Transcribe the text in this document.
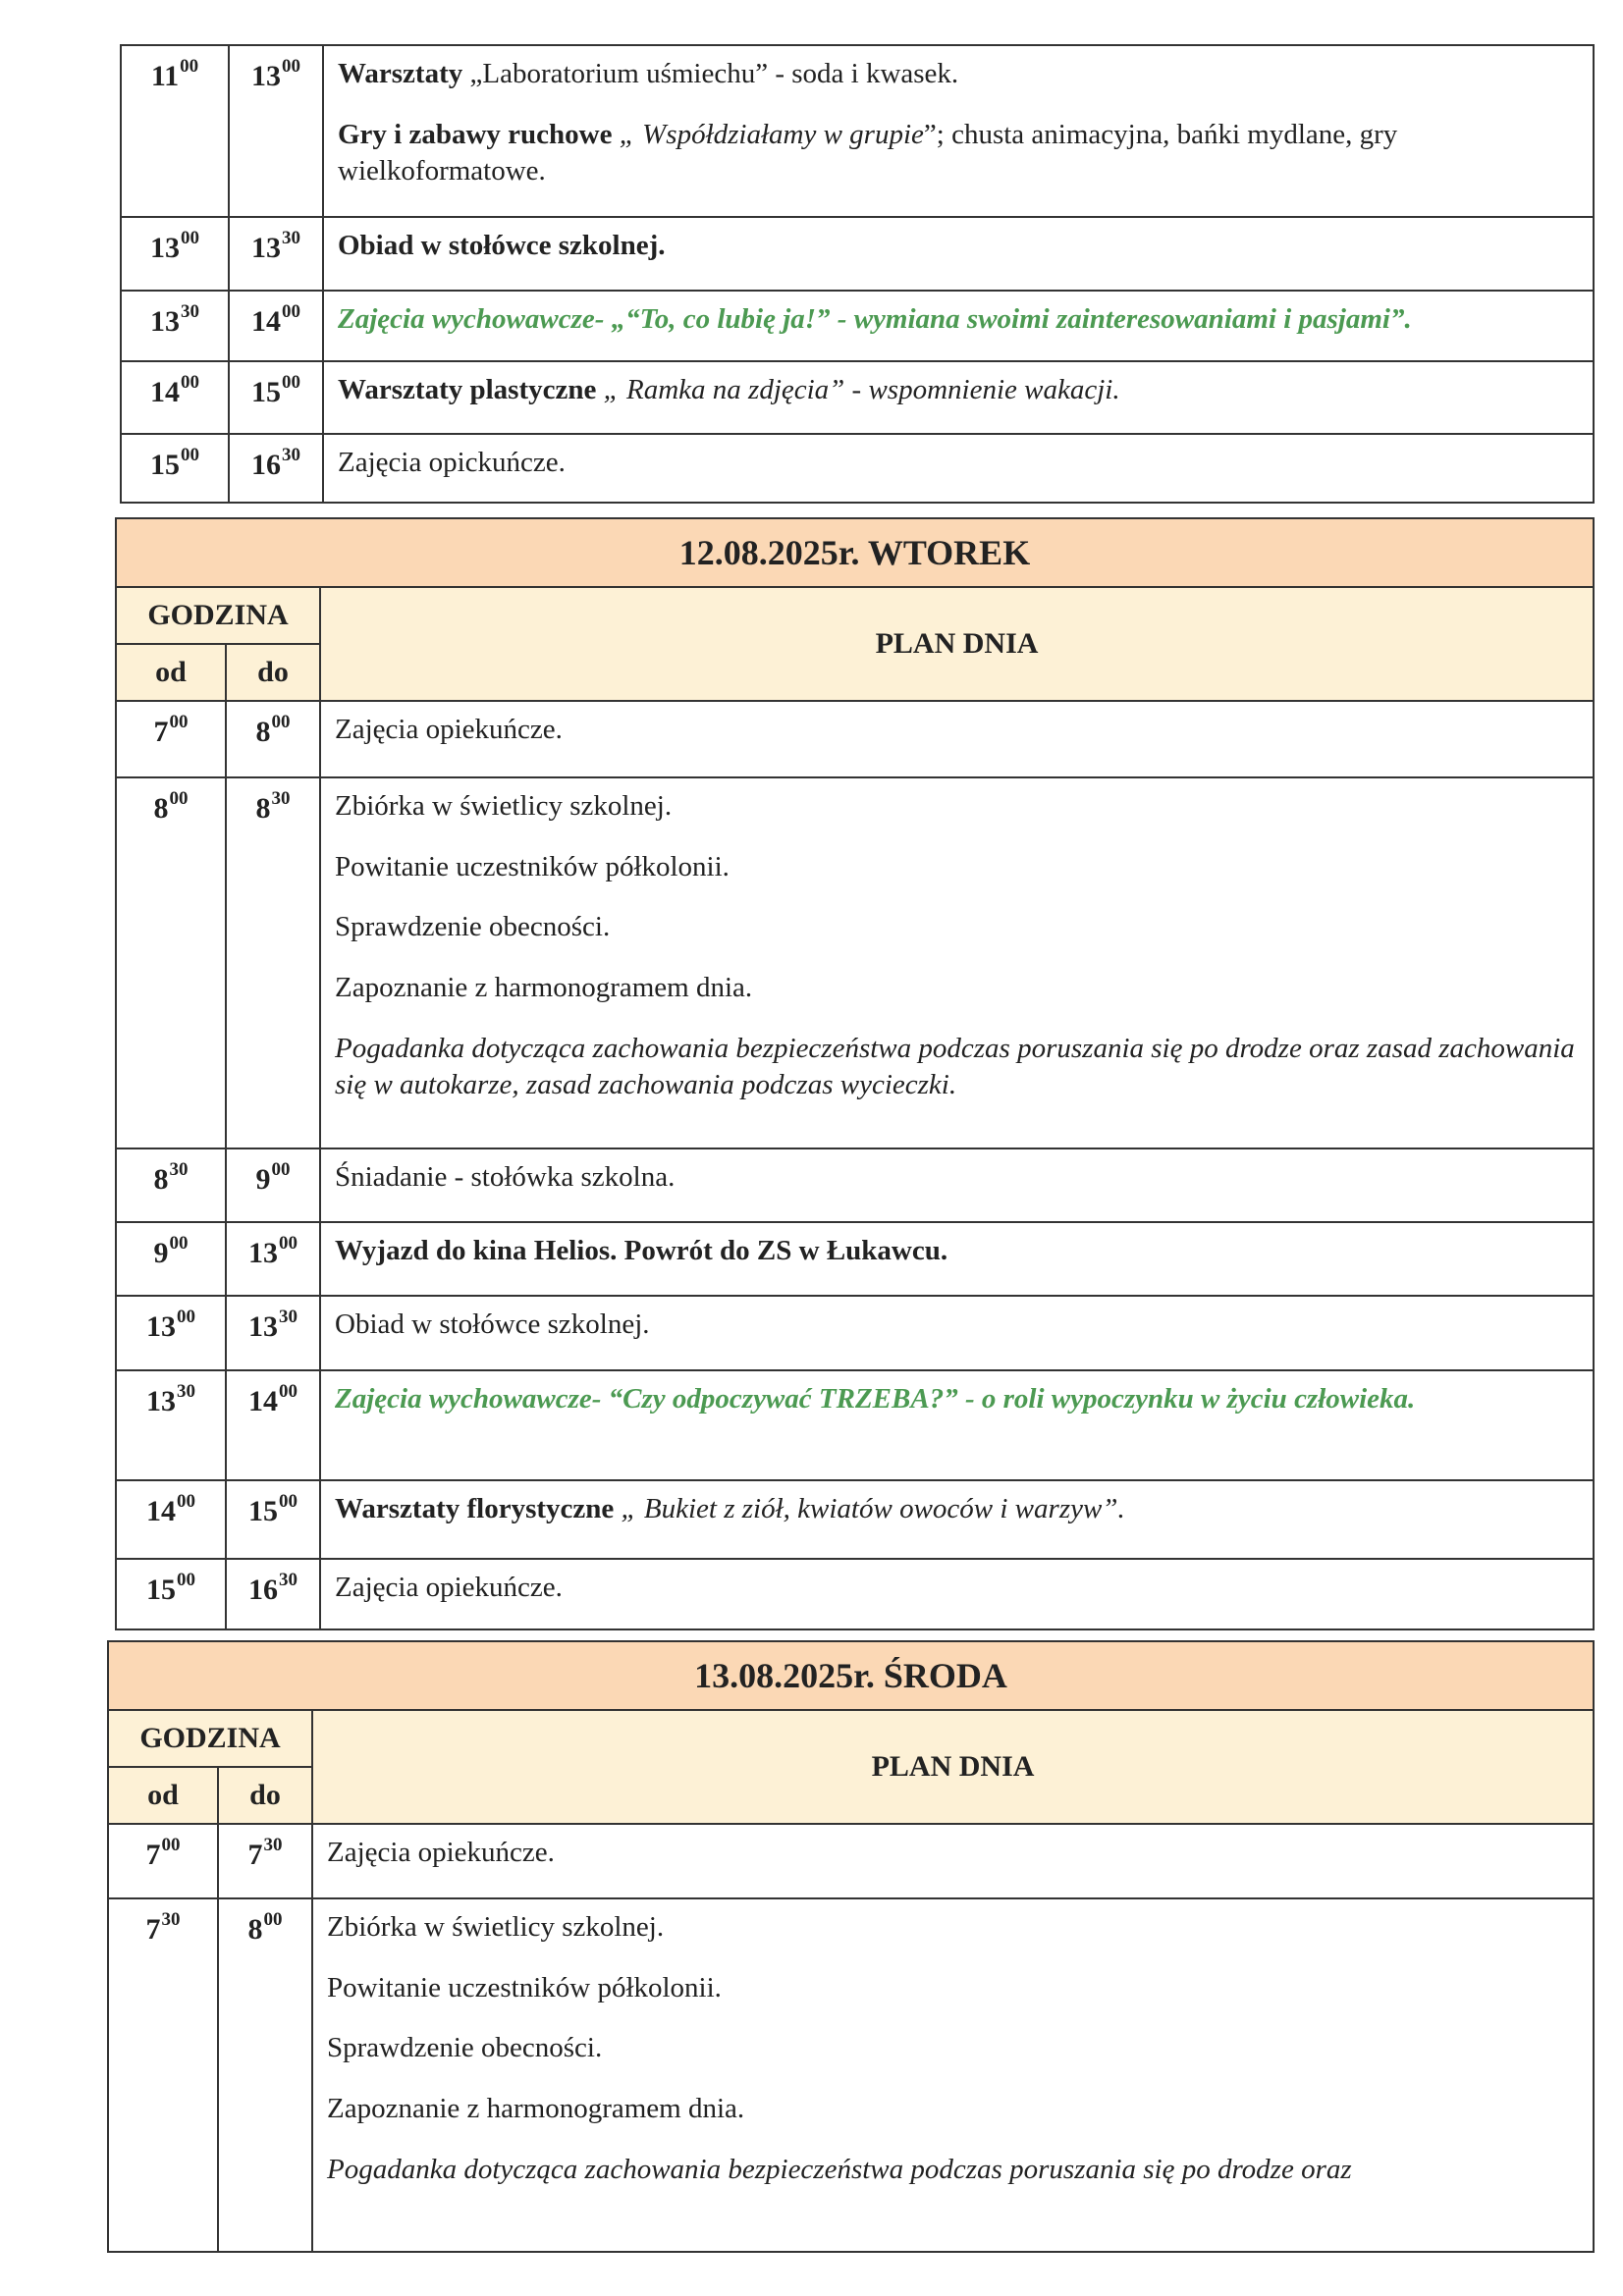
$11^{00}$	$13^{00}$	Warsztaty „Laboratorium uśmiechu” - soda i kwasek.
Gry i zabawy ruchowe „ Współdziałamy w grupie”; chusta animacyjna, bańki mydlane, gry wielkoformatowe.

$13^{00}$	$13^{30}$	Obiad w stołówce szkolnej.

$13^{30}$	$14^{00}$	Zajęcia wychowawcze- „“To, co lubię ja!” - wymiana swoimi zainteresowaniami i pasjami”.

$14^{00}$	$15^{00}$	Warsztaty plastyczne „ Ramka na zdjęcia” - wspomnienie wakacji.

$15^{00}$	$16^{30}$	Zajęcia opickuńcze.
12.08.2025r. WTOREK		
GODZINA		PLAN DNIA
od	do	
$7^{00}$	$8^{00}$	Zajęcia opiekuńcze.

$8^{00}$	$8^{30}$	Zbiórka w świetlicy szkolnej.
Powitanie uczestników półkolonii.
Sprawdzenie obecności.
Zapoznanie z harmonogramem dnia.
Pogadanka dotycząca zachowania bezpieczeństwa podczas poruszania się po drodze oraz zasad zachowania się w autokarze, zasad zachowania podczas wycieczki.

$8^{30}$	$9^{00}$	Śniadanie - stołówka szkolna.

$9^{00}$	$13^{00}$	Wyjazd do kina Helios. Powrót do ZS w Łukawcu.

$13^{00}$	$13^{30}$	Obiad w stołówce szkolnej.

$13^{30}$	$14^{00}$	Zajęcia wychowawcze- “Czy odpoczywać TRZEBA?” - o roli wypoczynku w życiu człowieka.

$14^{00}$	$15^{00}$	Warsztaty florystyczne „ Bukiet z ziół, kwiatów owoców i warzyw”.

$15^{00}$	$16^{30}$	Zajęcia opiekuńcze.
13.08.2025r. ŚRODA		
GODZINA		PLAN DNIA
od	do	
$7^{00}$	$7^{30}$	Zajęcia opiekuńcze.

$7^{30}$	$8^{00}$	Zbiórka w świetlicy szkolnej.
Powitanie uczestników półkolonii.
Sprawdzenie obecności.
Zapoznanie z harmonogramem dnia.
Pogadanka dotycząca zachowania bezpieczeństwa podczas poruszania się po drodze oraz
